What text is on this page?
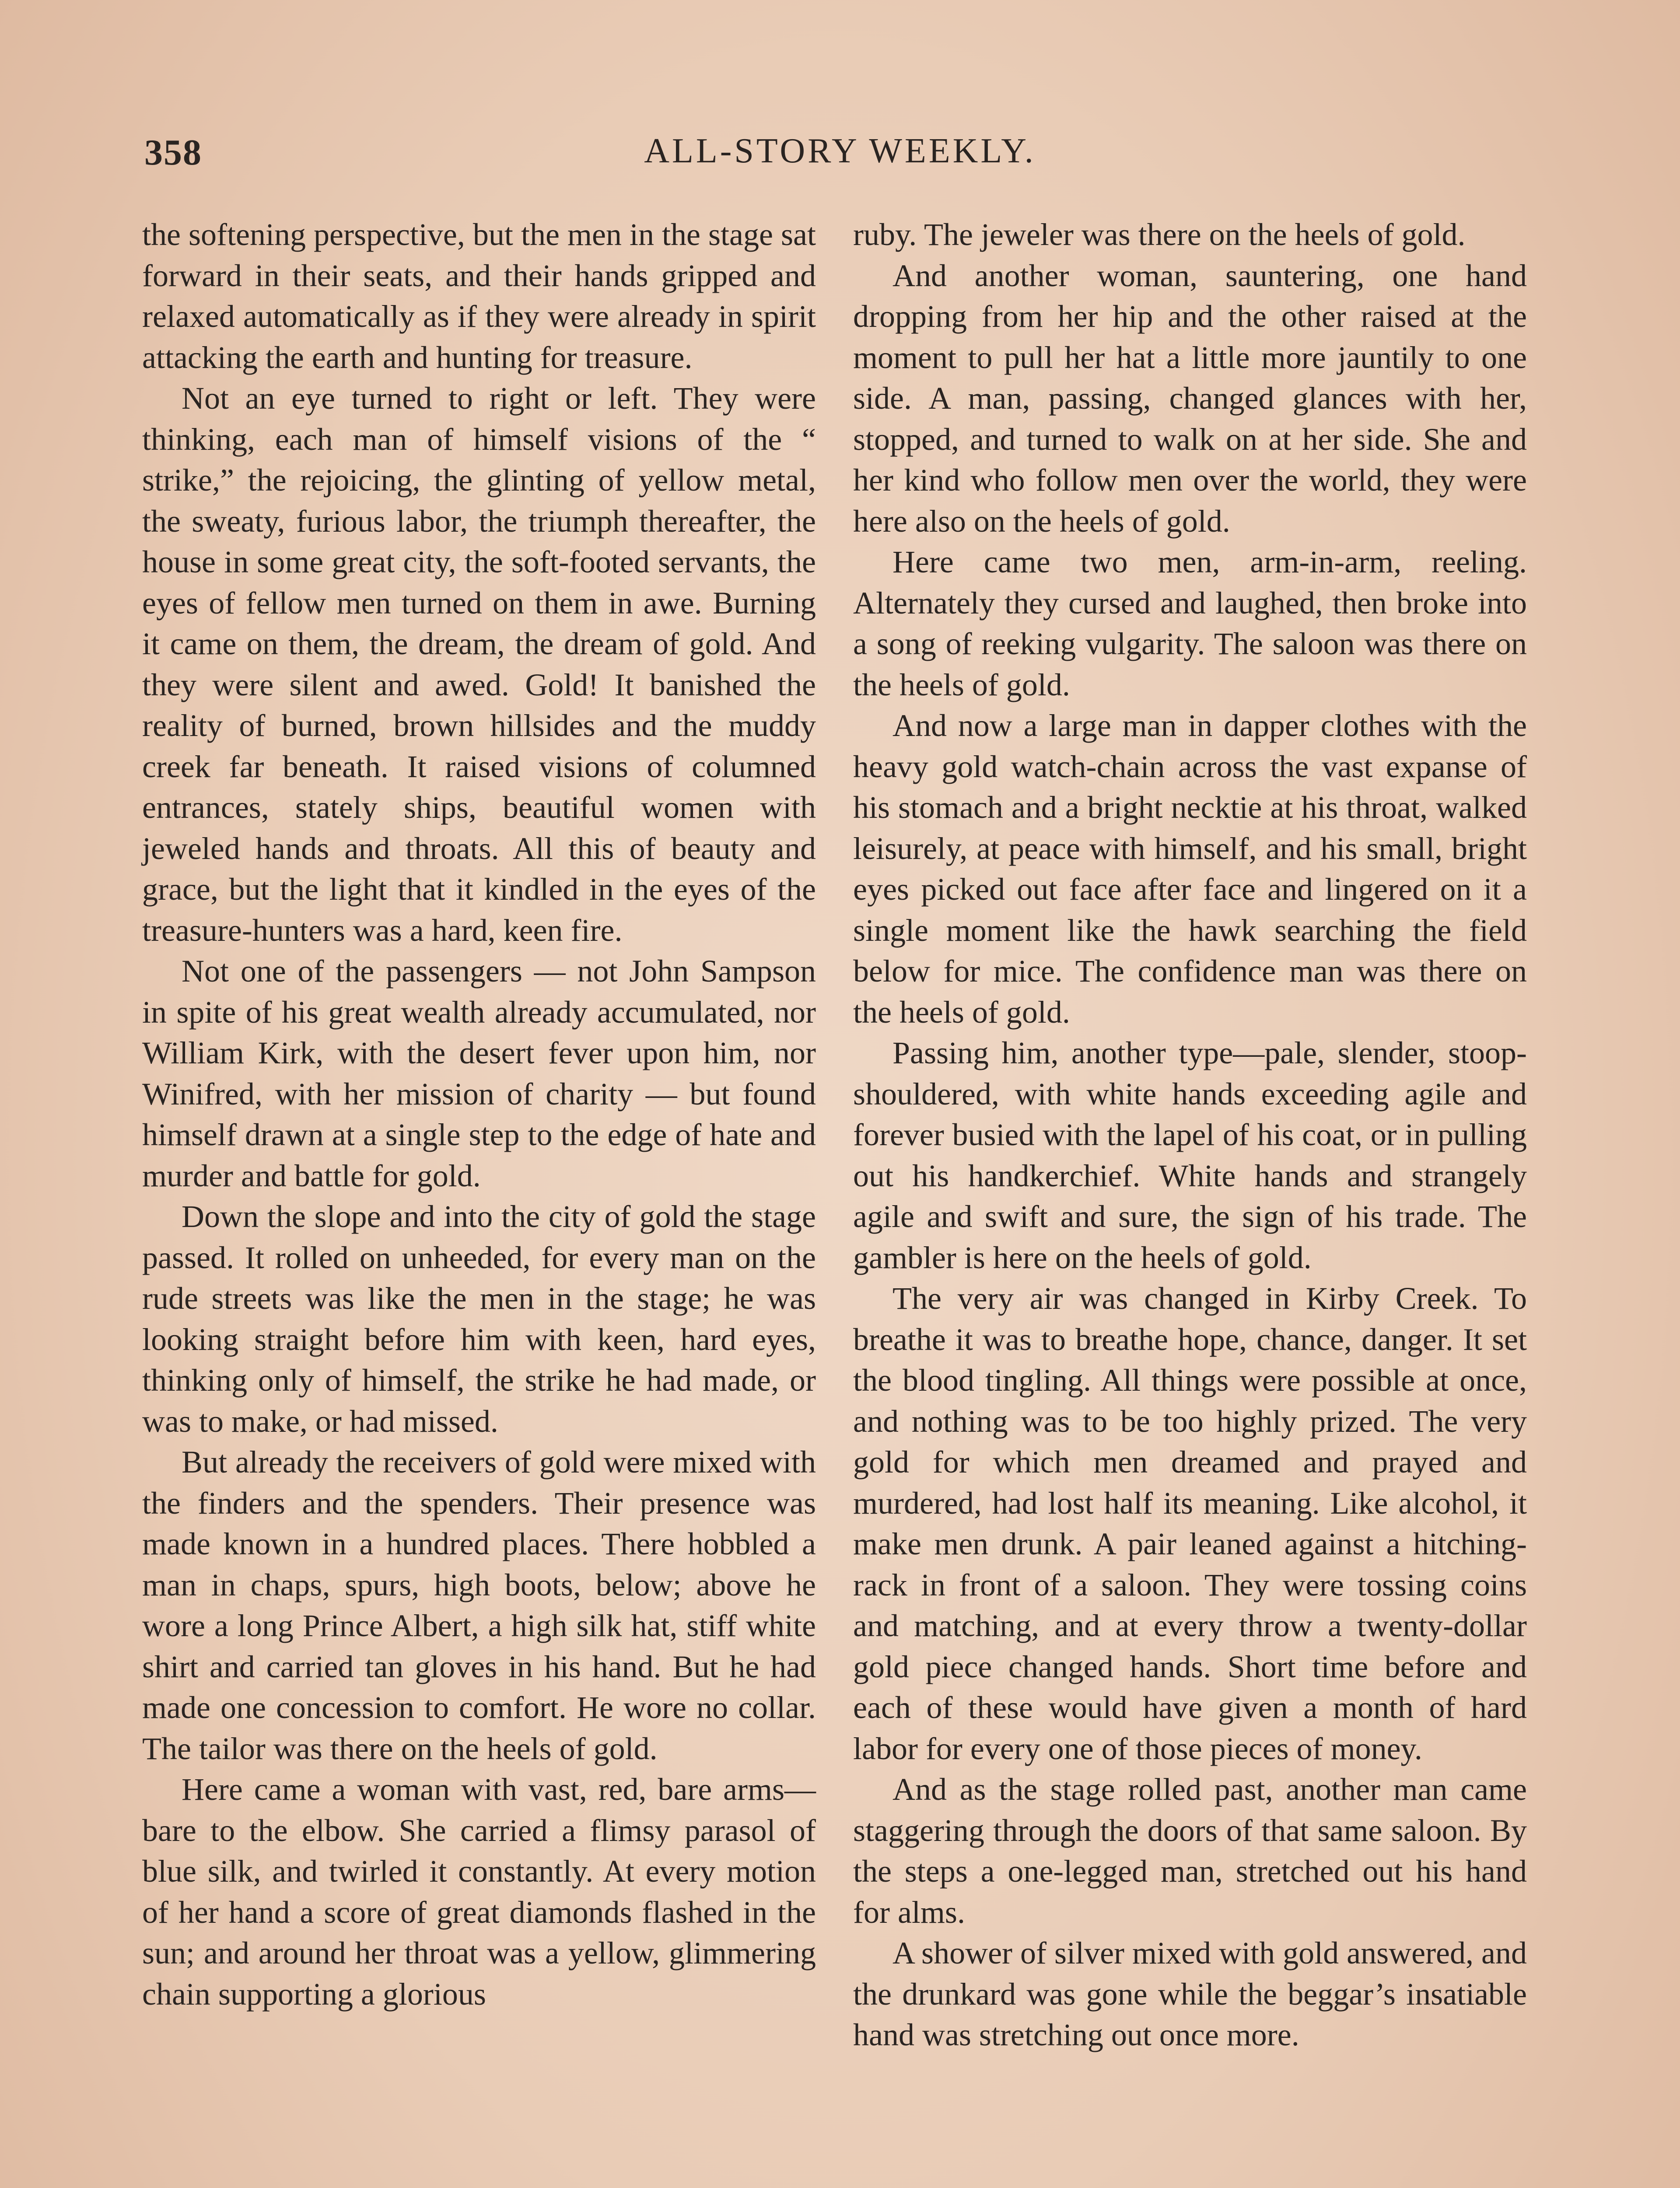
358	ALL-STORY WEEKLY.

the softening perspective, but the men in the stage sat forward in their seats, and their hands gripped and relaxed automatically as if they were already in spirit attacking the earth and hunting for treasure.

Not an eye turned to right or left. They were thinking, each man of himself visions of the “ strike,” the rejoicing, the glinting of yellow metal, the sweaty, furious labor, the triumph thereafter, the house in some great city, the soft-footed servants, the eyes of fellow men turned on them in awe. Burning it came on them, the dream, the dream of gold. And they were silent and awed. Gold! It banished the reality of burned, brown hillsides and the muddy creek far beneath. It raised visions of columned entrances, stately ships, beautiful women with jeweled hands and throats. All this of beauty and grace, but the light that it kindled in the eyes of the treasure-hunters was a hard, keen fire.

Not one of the passengers — not John Sampson in spite of his great wealth already accumulated, nor William Kirk, with the desert fever upon him, nor Winifred, with her mission of charity — but found himself drawn at a single step to the edge of hate and murder and battle for gold.

Down the slope and into the city of gold the stage passed. It rolled on unheeded, for every man on the rude streets was like the men in the stage; he was looking straight before him with keen, hard eyes, thinking only of himself, the strike he had made, or was to make, or had missed.

But already the receivers of gold were mixed with the finders and the spenders. Their presence was made known in a hundred places. There hobbled a man in chaps, spurs, high boots, below; above he wore a long Prince Albert, a high silk hat, stiff white shirt and carried tan gloves in his hand. But he had made one concession to comfort. He wore no collar. The tailor was there on the heels of gold.

Here came a woman with vast, red, bare arms—bare to the elbow. She carried a flimsy parasol of blue silk, and twirled it constantly. At every motion of her hand a score of great diamonds flashed in the sun; and around her throat was a yellow, glimmering chain supporting a glorious

ruby. The jeweler was there on the heels of gold.

And another woman, sauntering, one hand dropping from her hip and the other raised at the moment to pull her hat a little more jauntily to one side. A man, passing, changed glances with her, stopped, and turned to walk on at her side. She and her kind who follow men over the world, they were here also on the heels of gold.

Here came two men, arm-in-arm, reeling. Alternately they cursed and laughed, then broke into a song of reeking vulgarity. The saloon was there on the heels of gold.

And now a large man in dapper clothes with the heavy gold watch-chain across the vast expanse of his stomach and a bright necktie at his throat, walked leisurely, at peace with himself, and his small, bright eyes picked out face after face and lingered on it a single moment like the hawk searching the field below for mice. The confidence man was there on the heels of gold.

Passing him, another type—pale, slender, stoop-shouldered, with white hands exceeding agile and forever busied with the lapel of his coat, or in pulling out his handkerchief. White hands and strangely agile and swift and sure, the sign of his trade. The gambler is here on the heels of gold.

The very air was changed in Kirby Creek. To breathe it was to breathe hope, chance, danger. It set the blood tingling. All things were possible at once, and nothing was to be too highly prized. The very gold for which men dreamed and prayed and murdered, had lost half its meaning. Like alcohol, it make men drunk. A pair leaned against a hitching-rack in front of a saloon. They were tossing coins and matching, and at every throw a twenty-dollar gold piece changed hands. Short time before and each of these would have given a month of hard labor for every one of those pieces of money.

And as the stage rolled past, another man came staggering through the doors of that same saloon. By the steps a one-legged man, stretched out his hand for alms.

A shower of silver mixed with gold answered, and the drunkard was gone while the beggar’s insatiable hand was stretching out once more.
